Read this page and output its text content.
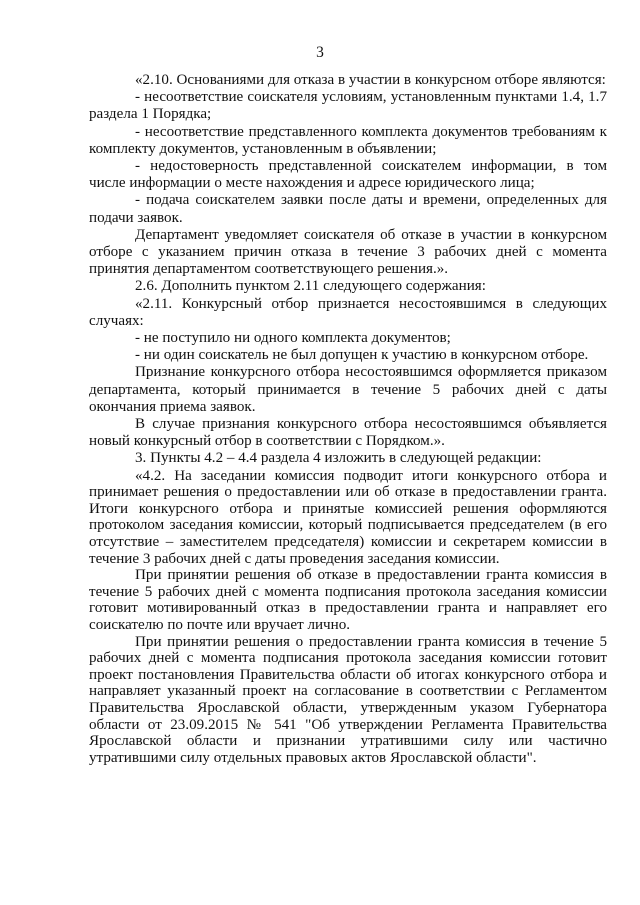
3

«2.10. Основаниями для отказа в участии в конкурсном отборе являются:

- несоответствие соискателя условиям, установленным пунктами 1.4, 1.7 раздела 1 Порядка;

- несоответствие представленного комплекта документов требованиям к комплекту документов, установленным в объявлении;

- недостоверность представленной соискателем информации, в том числе информации о месте нахождения и адресе юридического лица;

- подача соискателем заявки после даты и времени, определенных для подачи заявок.

Департамент уведомляет соискателя об отказе в участии в конкурсном отборе с указанием причин отказа в течение 3 рабочих дней с момента принятия департаментом соответствующего решения.».

2.6. Дополнить пунктом 2.11 следующего содержания:

«2.11. Конкурсный отбор признается несостоявшимся в следующих случаях:

- не поступило ни одного комплекта документов;

- ни один соискатель не был допущен к участию в конкурсном отборе.

Признание конкурсного отбора несостоявшимся оформляется приказом департамента, который принимается в течение 5 рабочих дней с даты окончания приема заявок.

В случае признания конкурсного отбора несостоявшимся объявляется новый конкурсный отбор в соответствии с Порядком.».

3. Пункты 4.2 – 4.4 раздела 4 изложить в следующей редакции:

«4.2. На заседании комиссия подводит итоги конкурсного отбора и принимает решения о предоставлении или об отказе в предоставлении гранта. Итоги конкурсного отбора и принятые комиссией решения оформляются протоколом заседания комиссии, который подписывается председателем (в его отсутствие – заместителем председателя) комиссии и секретарем комиссии в течение 3 рабочих дней с даты проведения заседания комиссии.

При принятии решения об отказе в предоставлении гранта комиссия в течение 5 рабочих дней с момента подписания протокола заседания комиссии готовит мотивированный отказ в предоставлении гранта и направляет его соискателю по почте или вручает лично.

При принятии решения о предоставлении гранта комиссия в течение 5 рабочих дней с момента подписания протокола заседания комиссии готовит проект постановления Правительства области об итогах конкурсного отбора и направляет указанный проект на согласование в соответствии с Регламентом Правительства Ярославской области, утвержденным указом Губернатора области от 23.09.2015 № 541 "Об утверждении Регламента Правительства Ярославской области и признании утратившими силу или частично утратившими силу отдельных правовых актов Ярославской области".
